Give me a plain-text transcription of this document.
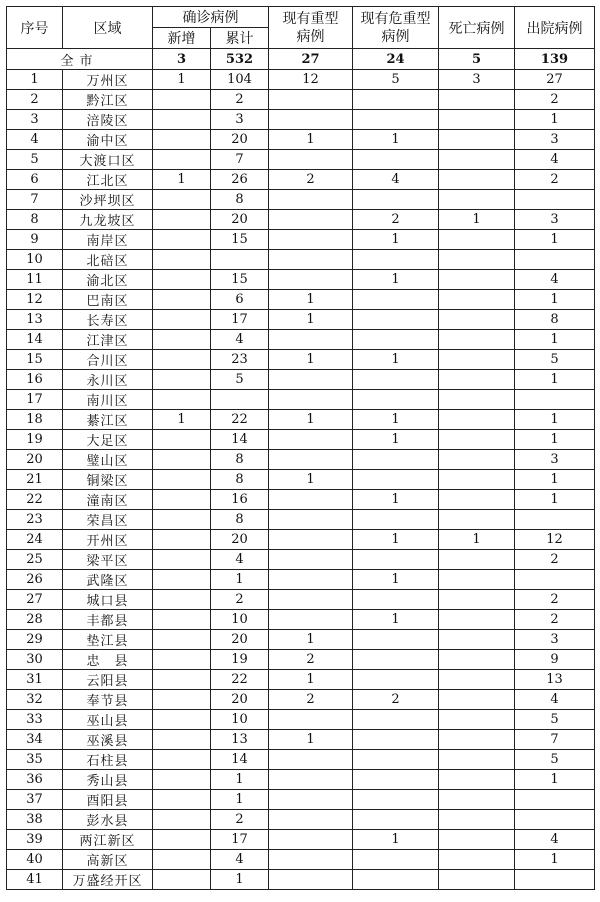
序号	区域	确诊病例		现有重型病例	现有危重型病例	死亡病例	出院病例
		新增	累计				
全市		3	532	27	24	5	139
1	万州区	1	104	12	5	3	27
2	黔江区		2				2
3	涪陵区		3				1
4	渝中区		20	1	1		3
5	大渡口区		7				4
6	江北区	1	26	2	4		2
7	沙坪坝区		8				
8	九龙坡区		20		2	1	3
9	南岸区		15		1		1
10	北碚区						
11	渝北区		15		1		4
12	巴南区		6	1			1
13	长寿区		17	1			8
14	江津区		4				1
15	合川区		23	1	1		5
16	永川区		5				1
17	南川区						
18	綦江区	1	22	1	1		1
19	大足区		14		1		1
20	璧山区		8				3
21	铜梁区		8	1			1
22	潼南区		16		1		1
23	荣昌区		8				
24	开州区		20		1	1	12
25	梁平区		4				2
26	武隆区		1		1		
27	城口县		2				2
28	丰都县		10		1		2
29	垫江县		20	1			3
30	忠　县		19	2			9
31	云阳县		22	1			13
32	奉节县		20	2	2		4
33	巫山县		10				5
34	巫溪县		13	1			7
35	石柱县		14				5
36	秀山县		1				1
37	酉阳县		1				
38	彭水县		2				
39	两江新区		17		1		4
40	高新区		4				1
41	万盛经开区		1				
